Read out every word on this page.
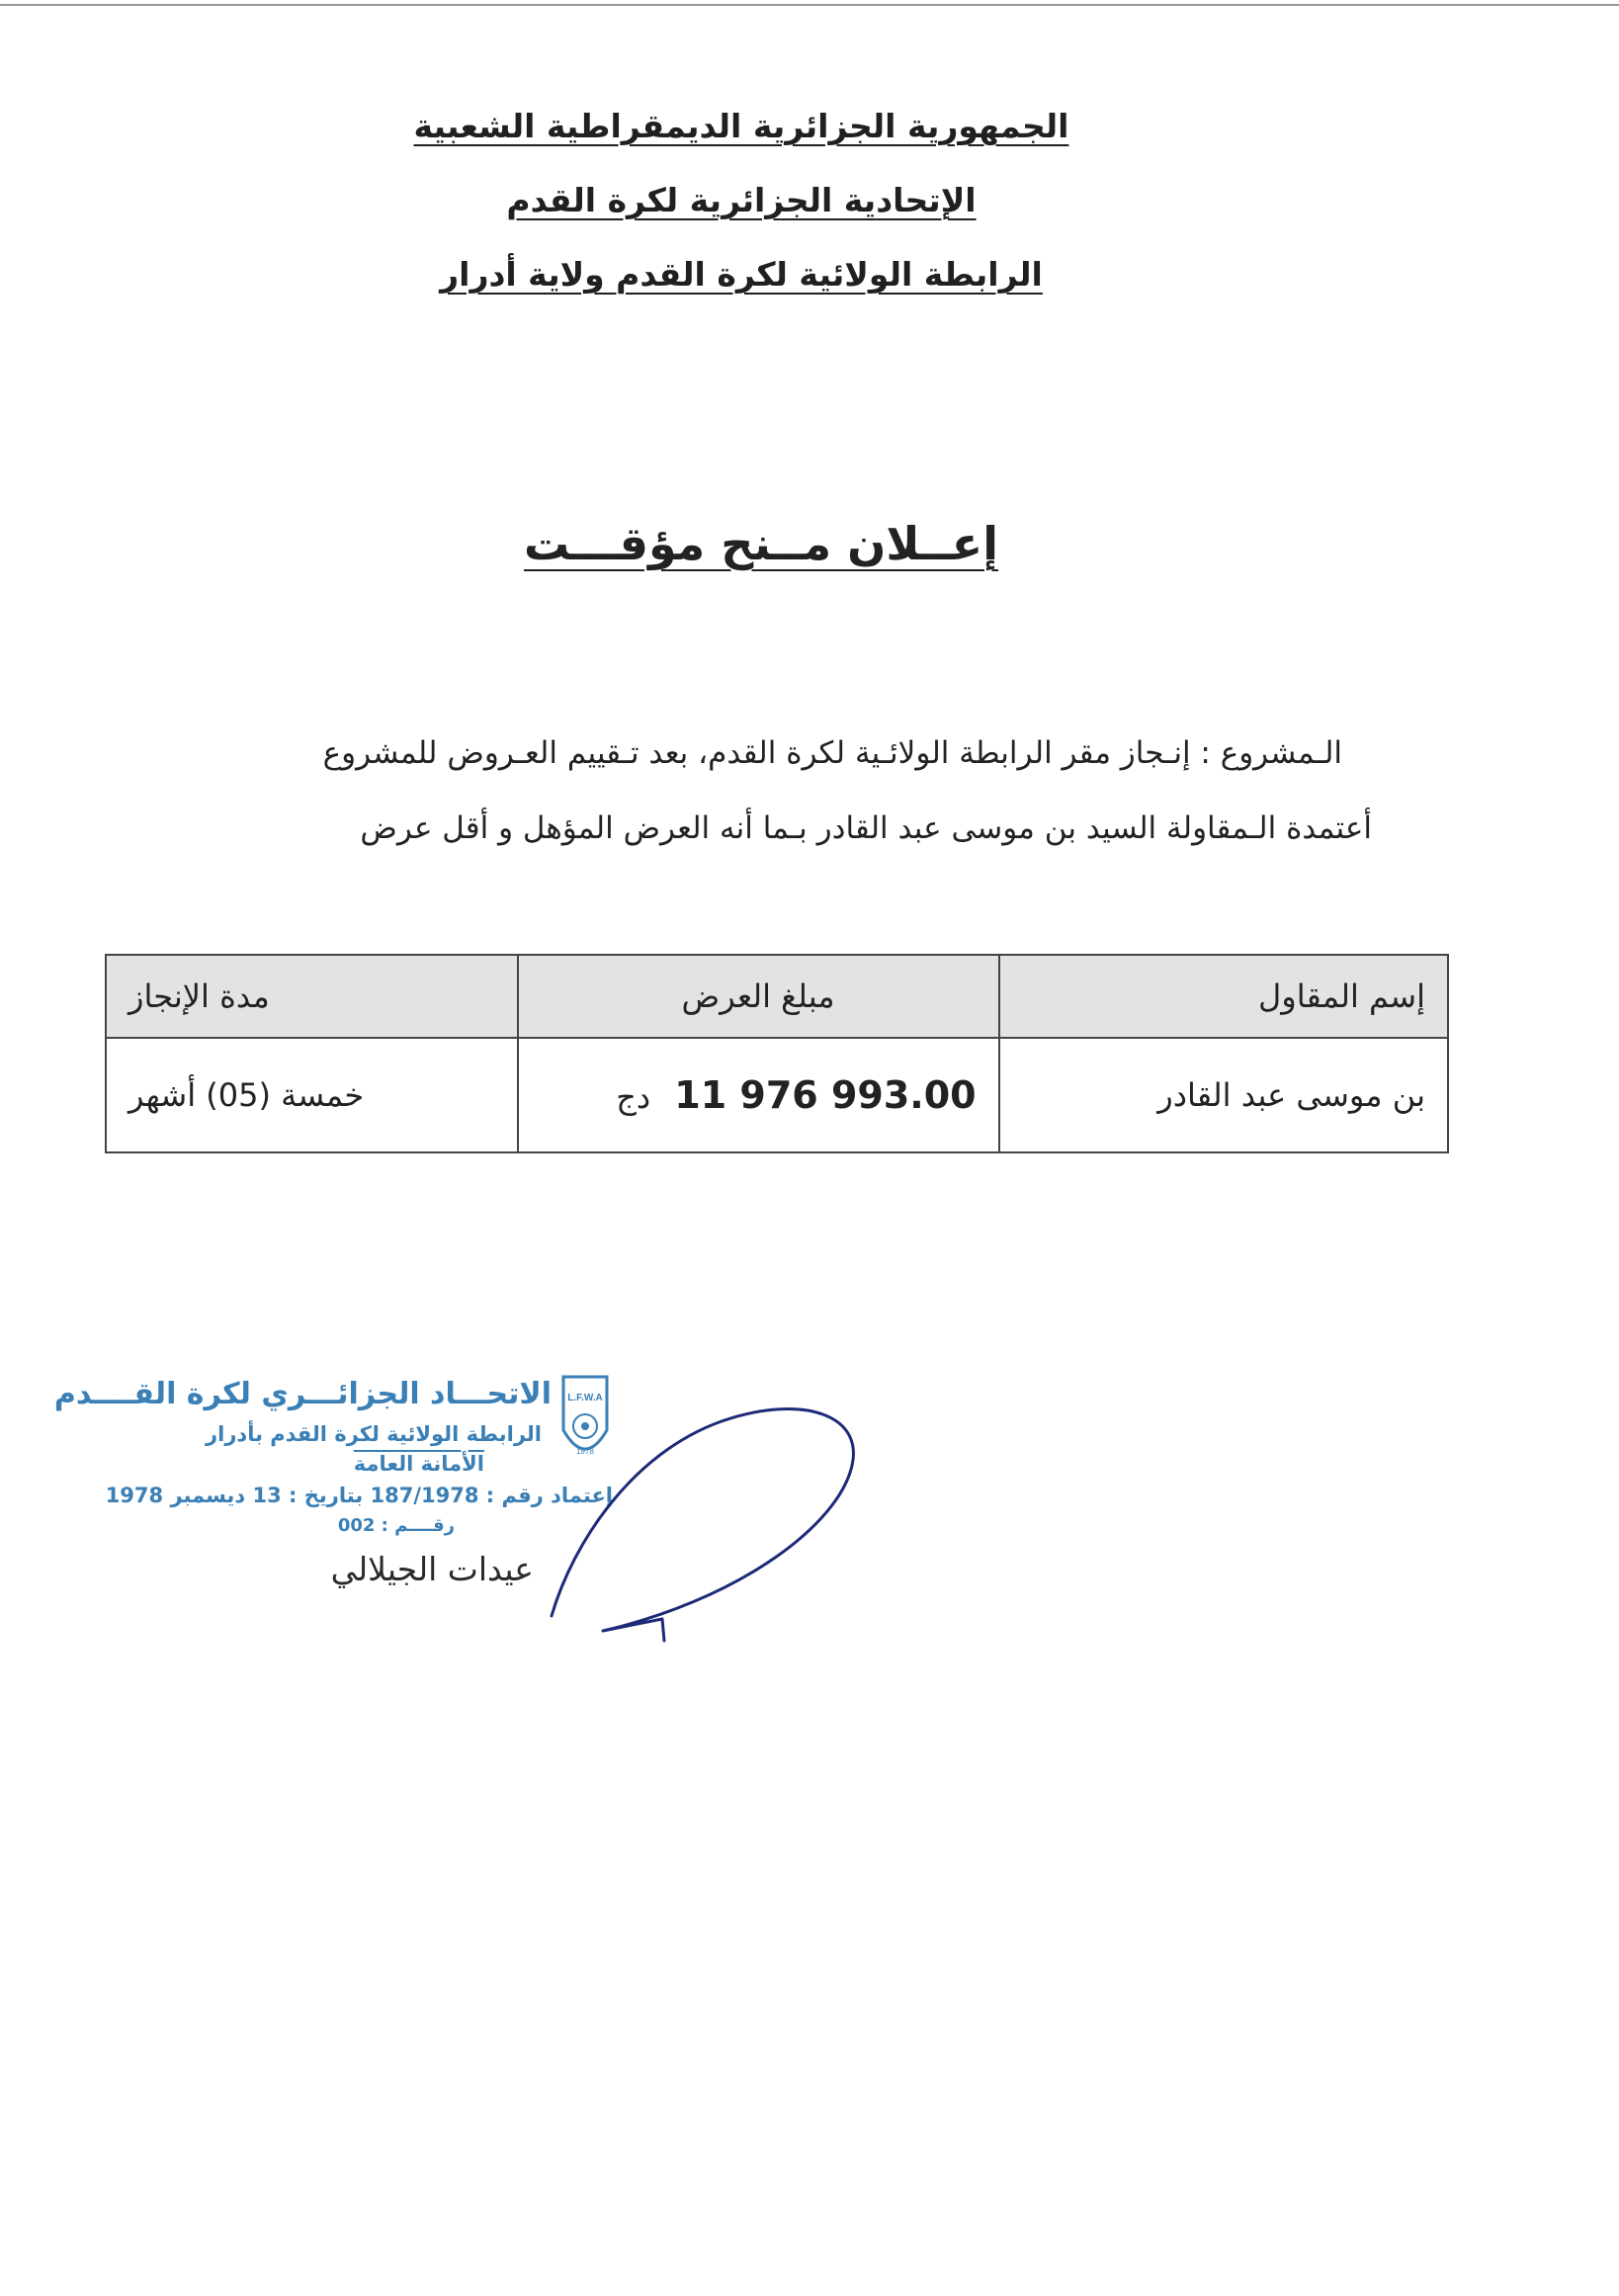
الجمهورية الجزائرية الديمقراطية الشعبية
الإتحادية الجزائرية لكرة القدم
الرابطة الولائية لكرة القدم ولاية أدرار
إعــلان مــنح مؤقـــت
الـمشروع : إنـجاز مقر الرابطة الولائـية لكرة القدم، بعد تـقييم العـروض للمشروع
أعتمدة الـمقاولة السيد بن موسى عبد القادر بـما أنه العرض المؤهل و أقل عرض
إسم المقاول	مبلغ العرض	مدة الإنجاز
بن موسى عبد القادر	11 976 993.00 دج	خمسة (05) أشهر
L.F.W.A
1978
الاتحـــاد الجزائـــري لكرة القــــدم
الرابطة الولائية لكرة القدم بأدرار
الأمانة العامة
إعتماد رقم : 187/1978 بتاريخ : 13 ديسمبر 1978
رقــــم : 002
عيدات الجيلالي
